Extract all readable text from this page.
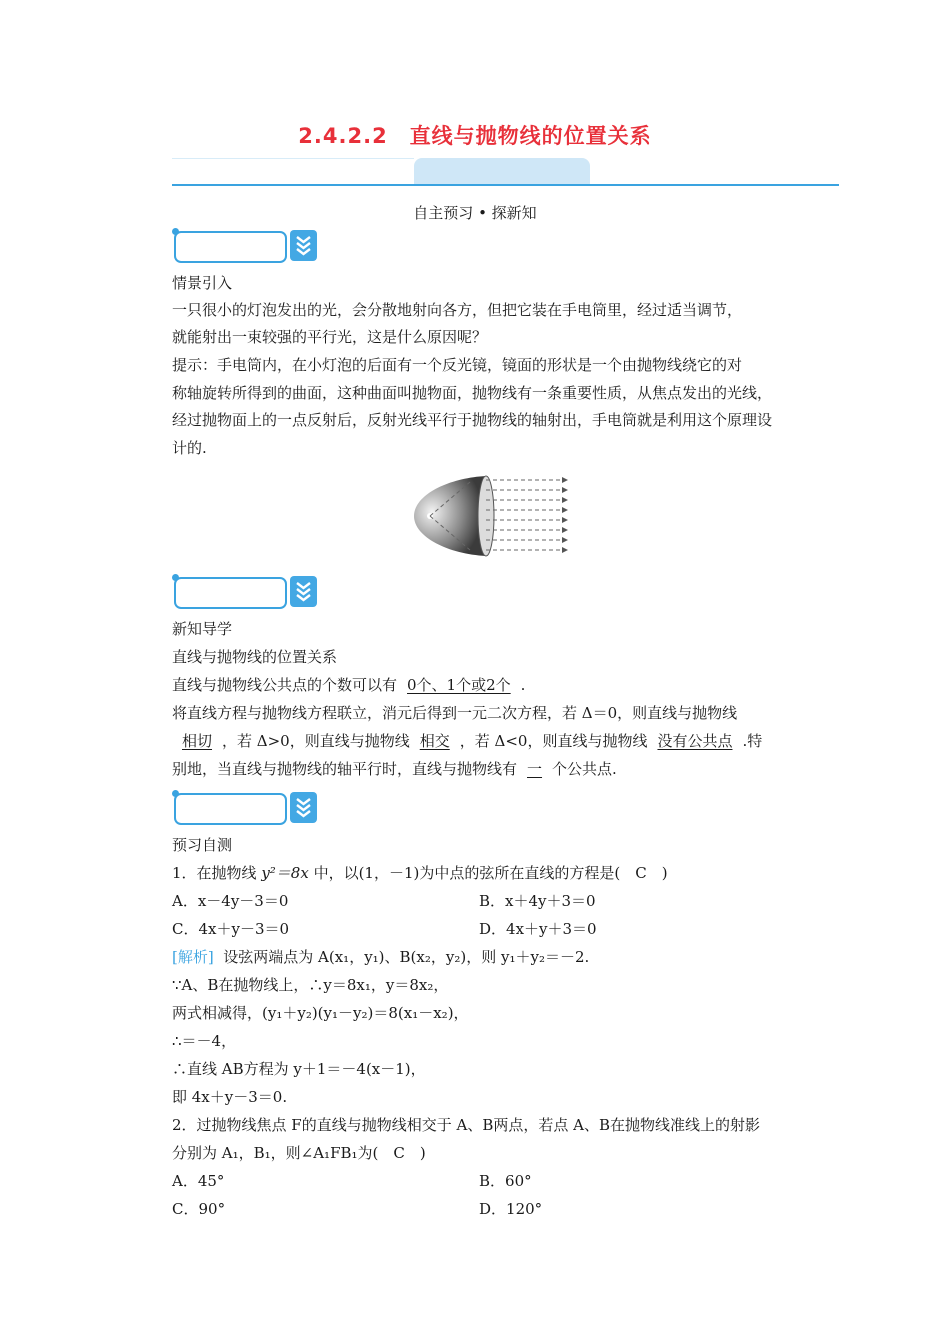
2.4.2.2　直线与抛物线的位置关系
自主预习 • 探新知
情景引入
一只很小的灯泡发出的光，会分散地射向各方，但把它装在手电筒里，经过适当调节，
就能射出一束较强的平行光，这是什么原因呢？
提示：手电筒内，在小灯泡的后面有一个反光镜，镜面的形状是一个由抛物线绕它的对
称轴旋转所得到的曲面，这种曲面叫抛物面，抛物线有一条重要性质，从焦点发出的光线，
经过抛物面上的一点反射后，反射光线平行于抛物线的轴射出，手电筒就是利用这个原理设
计的.
新知导学
直线与抛物线的位置关系
直线与抛物线公共点的个数可以有 0个、1个或2个 .
将直线方程与抛物线方程联立，消元后得到一元二次方程，若 Δ＝0，则直线与抛物线
相切 ，若 Δ>0，则直线与抛物线 相交 ，若 Δ<0，则直线与抛物线 没有公共点 .特
别地，当直线与抛物线的轴平行时，直线与抛物线有 一 个公共点.
预习自测
1．在抛物线 y²＝8x 中，以(1，－1)为中点的弦所在直线的方程是(　C　)
A．x－4y－3＝0	B．x＋4y＋3＝0
C．4x＋y－3＝0	D．4x＋y＋3＝0
[解析] 设弦两端点为 A(x₁，y₁)、B(x₂，y₂)，则 y₁＋y₂＝－2.
∵A、B在抛物线上，∴y＝8x₁，y＝8x₂，
两式相减得，(y₁＋y₂)(y₁－y₂)＝8(x₁－x₂)，
∴＝－4，
∴直线 AB方程为 y＋1＝－4(x－1)，
即 4x＋y－3＝0.
2．过抛物线焦点 F的直线与抛物线相交于 A、B两点，若点 A、B在抛物线准线上的射影
分别为 A₁，B₁，则∠A₁FB₁为(　C　)
A．45°	B．60°
C．90°	D．120°
